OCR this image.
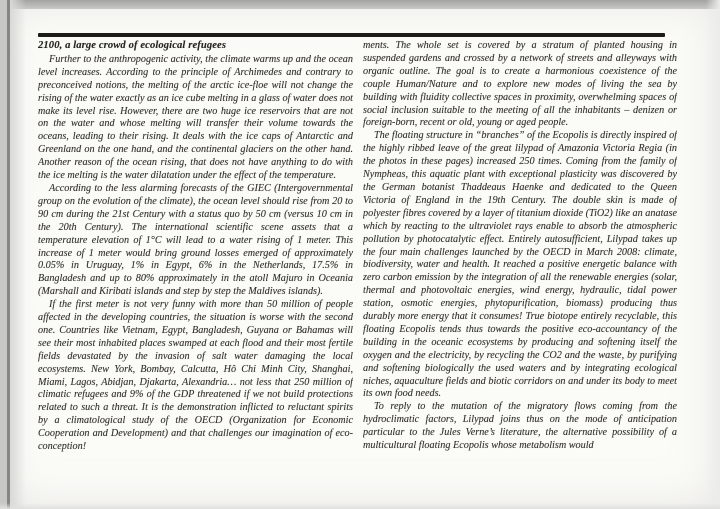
2100, a large crowd of ecological refugees

Further to the anthropogenic activity, the climate warms up and the ocean level increases. According to the principle of Archimedes and contrary to preconceived notions, the melting of the arctic ice-floe will not change the rising of the water exactly as an ice cube melting in a glass of water does not make its level rise. However, there are two huge ice reservoirs that are not on the water and whose melting will transfer their volume towards the oceans, leading to their rising. It deals with the ice caps of Antarctic and Greenland on the one hand, and the continental glaciers on the other hand. Another reason of the ocean rising, that does not have anything to do with the ice melting is the water dilatation under the effect of the temperature.

According to the less alarming forecasts of the GIEC (Intergovernmental group on the evolution of the climate), the ocean level should rise from 20 to 90 cm during the 21st Century with a status quo by 50 cm (versus 10 cm in the 20th Century). The international scientific scene assets that a temperature elevation of 1°C will lead to a water rising of 1 meter. This increase of 1 meter would bring ground losses emerged of approximately 0.05% in Uruguay, 1% in Egypt, 6% in the Netherlands, 17.5% in Bangladesh and up to 80% approximately in the atoll Majuro in Oceania (Marshall and Kiribati islands and step by step the Maldives islands).

If the first meter is not very funny with more than 50 million of people affected in the developing countries, the situation is worse with the second one. Countries like Vietnam, Egypt, Bangladesh, Guyana or Bahamas will see their most inhabited places swamped at each flood and their most fertile fields devastated by the invasion of salt water damaging the local ecosystems. New York, Bombay, Calcutta, Hô Chi Minh City, Shanghai, Miami, Lagos, Abidjan, Djakarta, Alexandria… not less that 250 million of climatic refugees and 9% of the GDP threatened if we not build protections related to such a threat. It is the demonstration inflicted to reluctant spirits by a climatological study of the OECD (Organization for Economic Cooperation and Development) and that challenges our imagination of eco-conception!

ments. The whole set is covered by a stratum of planted housing in suspended gardens and crossed by a network of streets and alleyways with organic outline. The goal is to create a harmonious coexistence of the couple Human/Nature and to explore new modes of living the sea by building with fluidity collective spaces in proximity, overwhelming spaces of social inclusion suitable to the meeting of all the inhabitants – denizen or foreign-born, recent or old, young or aged people.

The floating structure in “branches” of the Ecopolis is directly inspired of the highly ribbed leave of the great lilypad of Amazonia Victoria Regia (in the photos in these pages) increased 250 times. Coming from the family of Nympheas, this aquatic plant with exceptional plasticity was discovered by the German botanist Thaddeaus Haenke and dedicated to the Queen Victoria of England in the 19th Century. The double skin is made of polyester fibres covered by a layer of titanium dioxide (TiO2) like an anatase which by reacting to the ultraviolet rays enable to absorb the atmospheric pollution by photocatalytic effect. Entirely autosufficient, Lilypad takes up the four main challenges launched by the OECD in March 2008: climate, biodiversity, water and health. It reached a positive energetic balance with zero carbon emission by the integration of all the renewable energies (solar, thermal and photovoltaic energies, wind energy, hydraulic, tidal power station, osmotic energies, phytopurification, biomass) producing thus durably more energy that it consumes! True biotope entirely recyclable, this floating Ecopolis tends thus towards the positive eco-accountancy of the building in the oceanic ecosystems by producing and softening itself the oxygen and the electricity, by recycling the CO2 and the waste, by purifying and softening biologically the used waters and by integrating ecological niches, aquaculture fields and biotic corridors on and under its body to meet its own food needs.

To reply to the mutation of the migratory flows coming from the hydroclimatic factors, Lilypad joins thus on the mode of anticipation particular to the Jules Verne’s literature, the alternative possibility of a multicultural floating Ecopolis whose metabolism would
